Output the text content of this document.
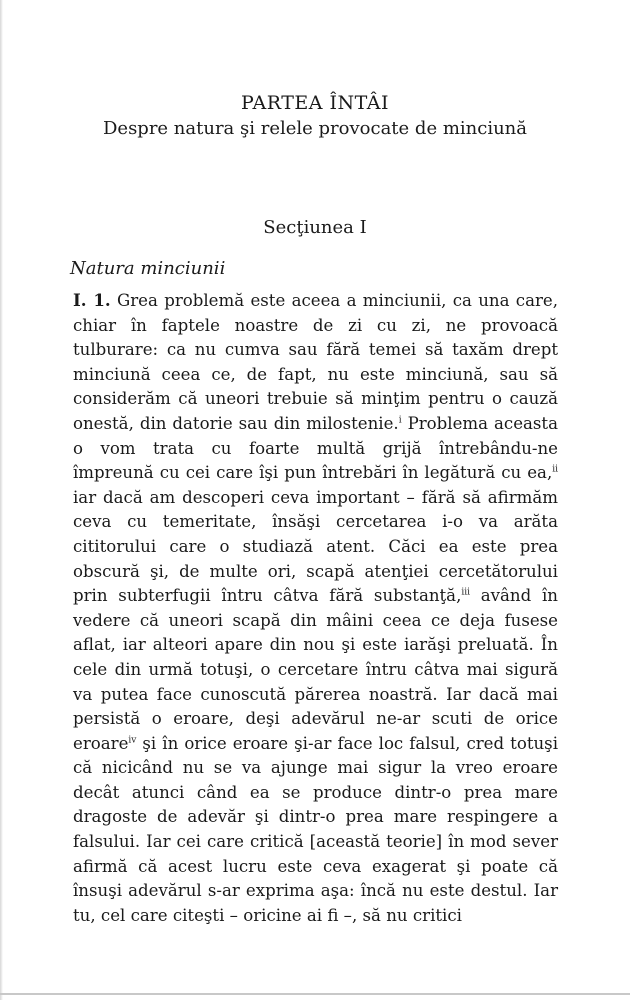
PARTEA ÎNTÂI
Despre natura şi relele provocate de minciună
Secţiunea I
Natura minciunii

I. 1. Grea problemă este aceea a minciunii, ca una care, chiar în faptele noastre de zi cu zi, ne provoacă tulburare: ca nu cumva sau fără temei să taxăm drept minciună ceea ce, de fapt, nu este minciună, sau să considerăm că uneori trebuie să minţim pentru o cauză onestă, din datorie sau din milostenie.$^i$ Problema aceasta o vom trata cu foarte multă grijă întrebându-ne împreună cu cei care îşi pun întrebări în legătură cu ea,$^{ii}$ iar dacă am descoperi ceva important – fără să afirmăm ceva cu temeritate, însăşi cercetarea i-o va arăta cititorului care o studiază atent. Căci ea este prea obscură şi, de multe ori, scapă atenţiei cercetătorului prin subterfugii întru câtva fără substanţă,$^{iii}$ având în vedere că uneori scapă din mâini ceea ce deja fusese aflat, iar alteori apare din nou şi este iarăşi preluată. În cele din urmă totuşi, o cercetare întru câtva mai sigură va putea face cunoscută părerea noastră. Iar dacă mai persistă o eroare, deşi adevărul ne-ar scuti de orice eroare$^{iv}$ şi în orice eroare şi-ar face loc falsul, cred totuşi că nicicând nu se va ajunge mai sigur la vreo eroare decât atunci când ea se produce dintr-o prea mare dragoste de adevăr şi dintr-o prea mare respingere a falsului. Iar cei care critică [această teorie] în mod sever afirmă că acest lucru este ceva exagerat şi poate că însuşi adevărul s-ar exprima aşa: încă nu este destul. Iar tu, cel care citeşti – oricine ai fi –, să nu critici
